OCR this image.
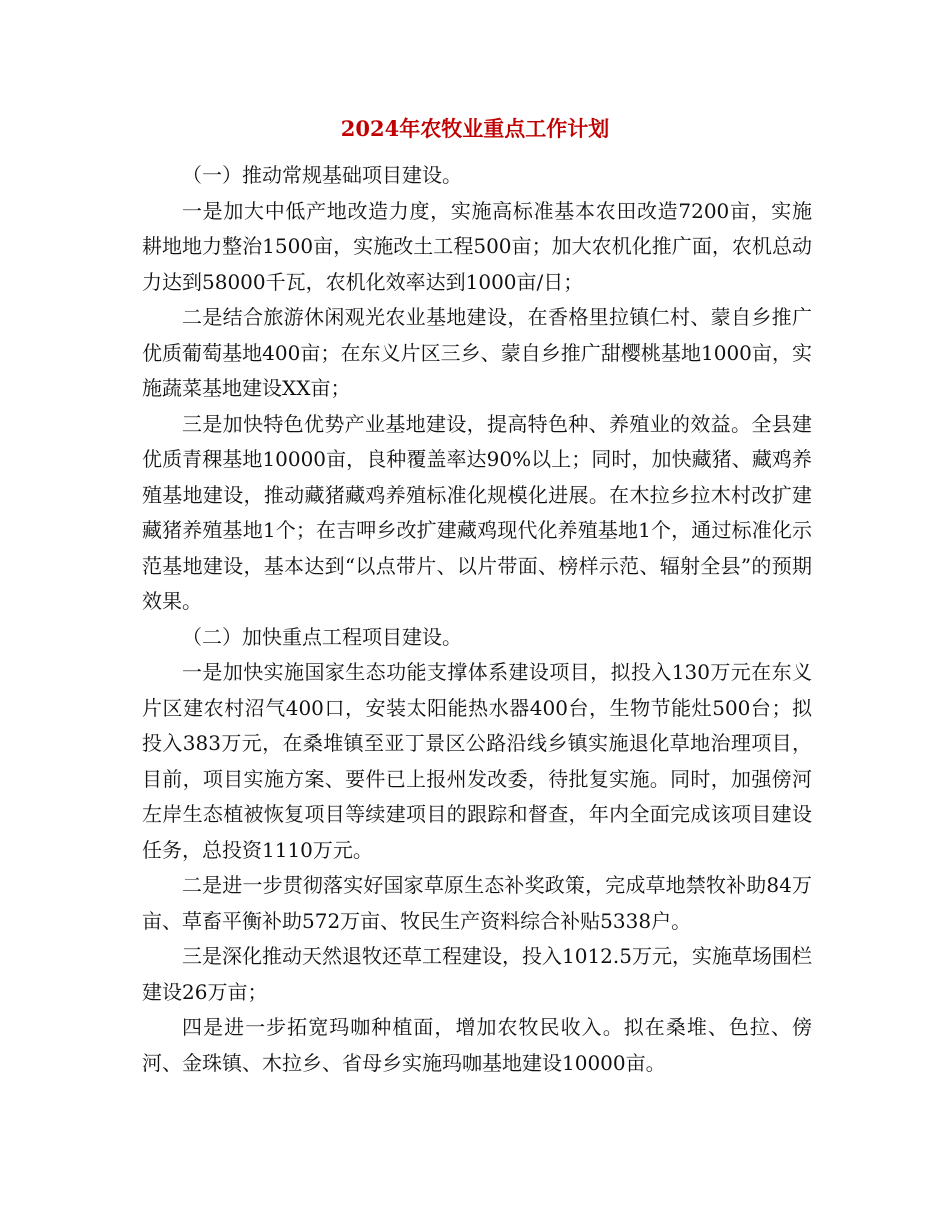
2024年农牧业重点工作计划

（一）推动常规基础项目建设。

一是加大中低产地改造力度，实施高标准基本农田改造7200亩，实施耕地地力整治1500亩，实施改土工程500亩；加大农机化推广面，农机总动力达到58000千瓦，农机化效率达到1000亩/日；

二是结合旅游休闲观光农业基地建设，在香格里拉镇仁村、蒙自乡推广优质葡萄基地400亩；在东义片区三乡、蒙自乡推广甜樱桃基地1000亩，实施蔬菜基地建设XX亩；

三是加快特色优势产业基地建设，提高特色种、养殖业的效益。全县建优质青稞基地10000亩，良种覆盖率达90%以上；同时，加快藏猪、藏鸡养殖基地建设，推动藏猪藏鸡养殖标准化规模化进展。在木拉乡拉木村改扩建藏猪养殖基地1个；在吉呷乡改扩建藏鸡现代化养殖基地1个，通过标准化示范基地建设，基本达到“以点带片、以片带面、榜样示范、辐射全县”的预期效果。

（二）加快重点工程项目建设。

一是加快实施国家生态功能支撑体系建设项目，拟投入130万元在东义片区建农村沼气400口，安装太阳能热水器400台，生物节能灶500台；拟投入383万元，在桑堆镇至亚丁景区公路沿线乡镇实施退化草地治理项目，目前，项目实施方案、要件已上报州发改委，待批复实施。同时，加强傍河左岸生态植被恢复项目等续建项目的跟踪和督查，年内全面完成该项目建设任务，总投资1110万元。

二是进一步贯彻落实好国家草原生态补奖政策，完成草地禁牧补助84万亩、草畜平衡补助572万亩、牧民生产资料综合补贴5338户。

三是深化推动天然退牧还草工程建设，投入1012.5万元，实施草场围栏建设26万亩；

四是进一步拓宽玛咖种植面，增加农牧民收入。拟在桑堆、色拉、傍河、金珠镇、木拉乡、省母乡实施玛咖基地建设10000亩。
